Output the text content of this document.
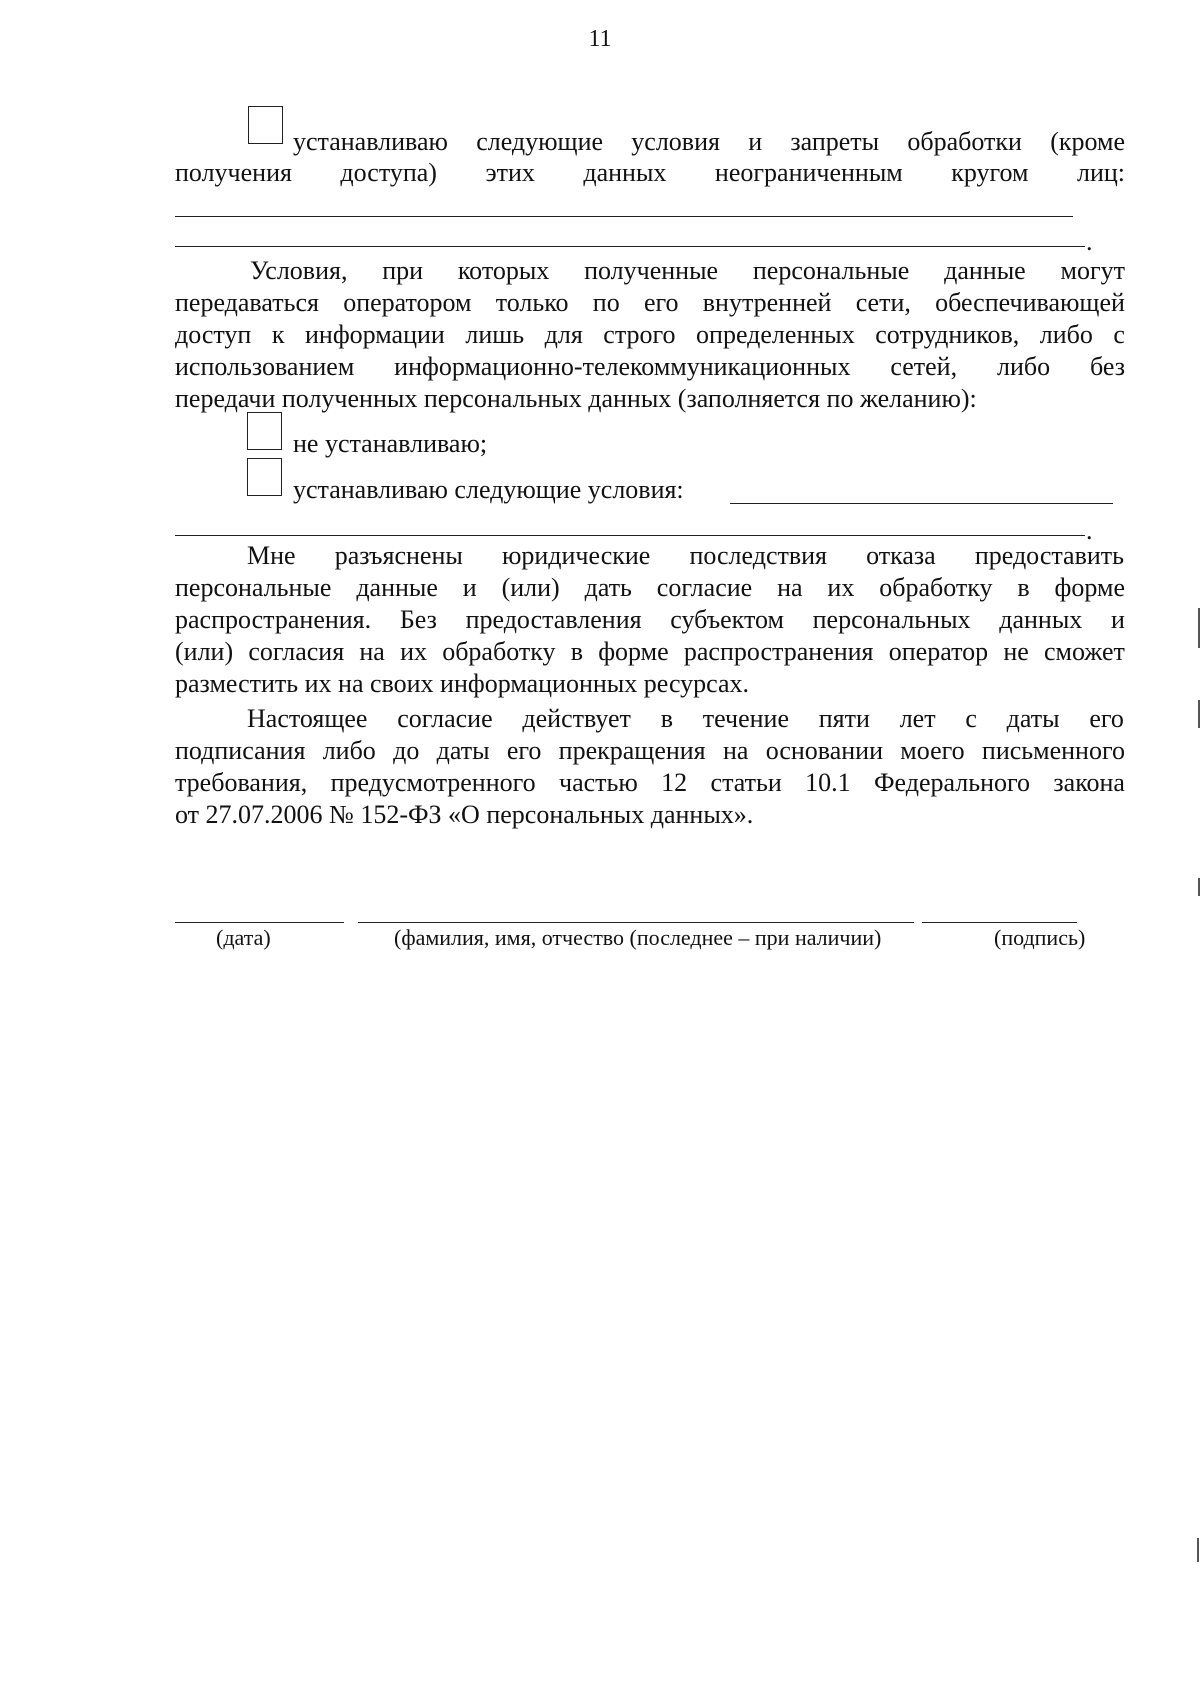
11
устанавливаю следующие условия и запреты обработки (кроме
получения доступа) этих данных неограниченным кругом лиц:
.
Условия, при которых полученные персональные данные могут
передаваться оператором только по его внутренней сети, обеспечивающей
доступ к информации лишь для строго определенных сотрудников, либо с
использованием информационно-телекоммуникационных сетей, либо без
передачи полученных персональных данных (заполняется по желанию):
не устанавливаю;
устанавливаю следующие условия:
.
Мне разъяснены юридические последствия отказа предоставить
персональные данные и (или) дать согласие на их обработку в форме
распространения. Без предоставления субъектом персональных данных и
(или) согласия на их обработку в форме распространения оператор не сможет
разместить их на своих информационных ресурсах.
Настоящее согласие действует в течение пяти лет с даты его
подписания либо до даты его прекращения на основании моего письменного
требования, предусмотренного частью 12 статьи 10.1 Федерального закона
от 27.07.2006 № 152-ФЗ «О персональных данных».
(дата)	(фамилия, имя, отчество (последнее – при наличии)	(подпись)
